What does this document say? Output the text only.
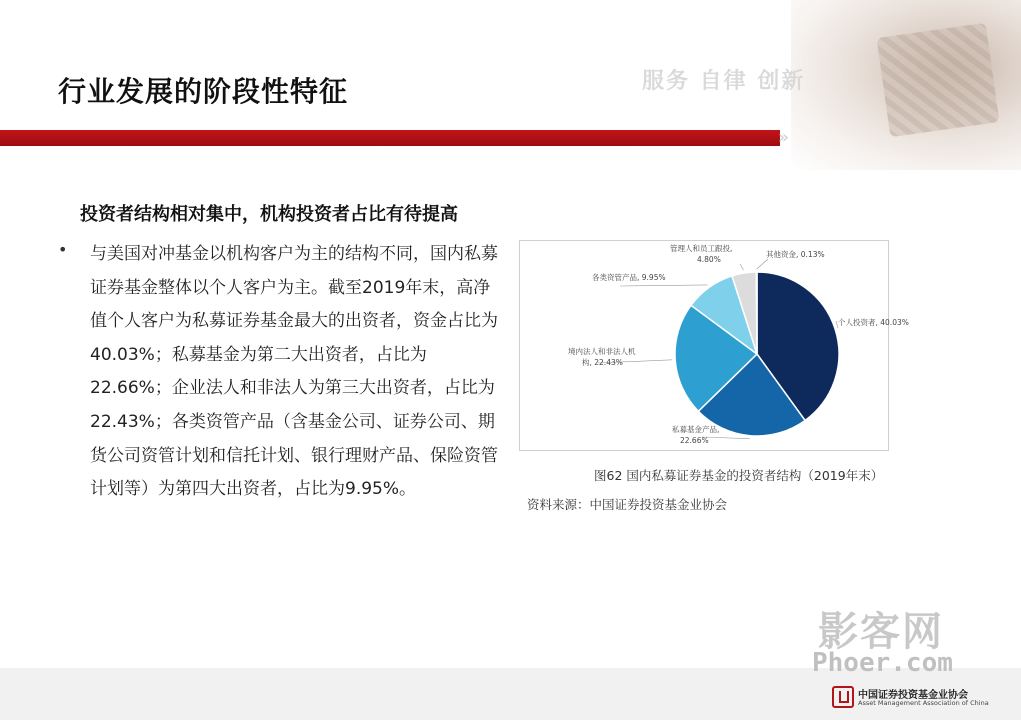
行业发展的阶段性特征	服务 自律 创新
»
投资者结构相对集中，机构投资者占比有待提高
• 与美国对冲基金以机构客户为主的结构不同，国内私募证券基金整体以个人客户为主。截至2019年末，高净值个人客户为私募证券基金最大的出资者，资金占比为40.03%；私募基金为第二大出资者，占比为22.66%；企业法人和非法人为第三大出资者，占比为22.43%；各类资管产品（含基金公司、证券公司、期货公司资管计划和信托计划、银行理财产品、保险资管计划等）为第四大出资者，占比为9.95%。

个人投资者, 40.03%
私募基金产品,
22.66%
境内法人和非法人机
构, 22.43%
各类资管产品, 9.95%
管理人和员工跟投,
4.80%
其他资金, 0.13%
图62 国内私募证券基金的投资者结构（2019年末）
资料来源：中国证券投资基金业协会
影客网
Phoer.com
中国证券投资基金业协会
Asset Management Association of China
